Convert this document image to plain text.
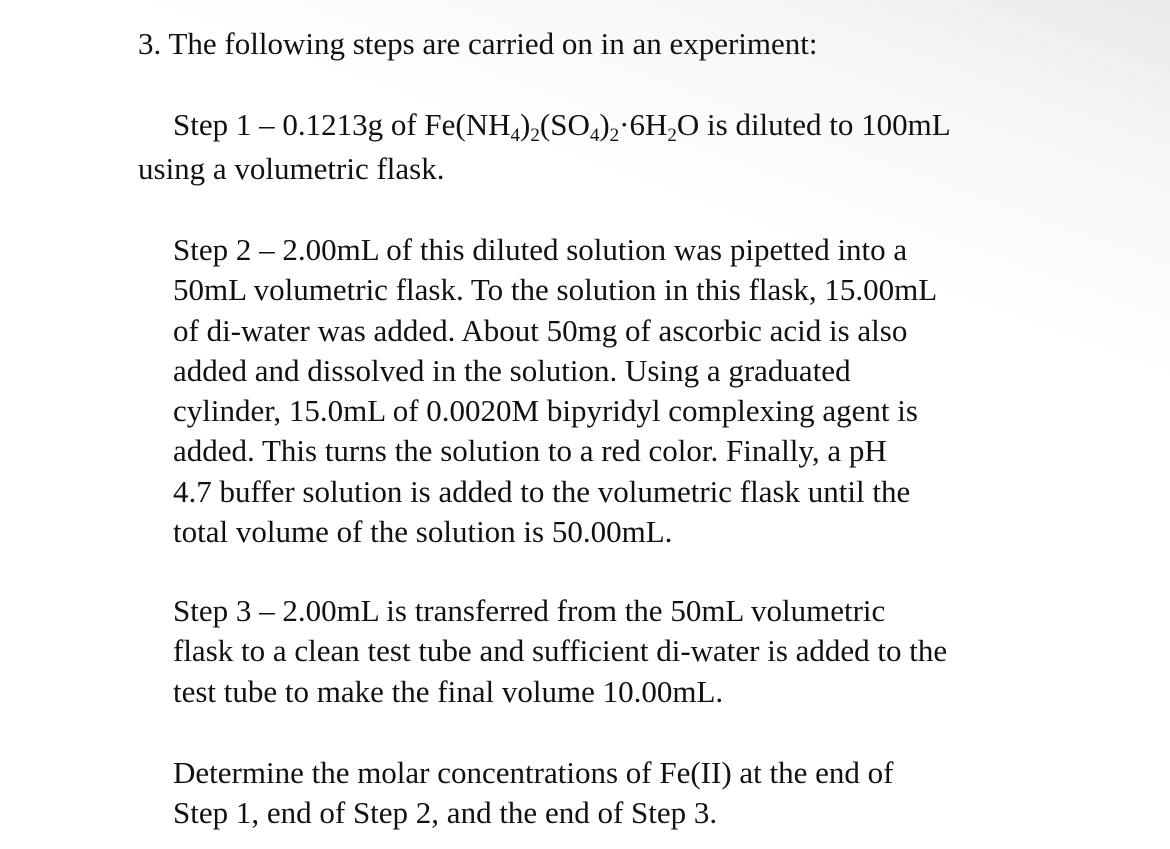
3. The following steps are carried on in an experiment:
Step 1 – 0.1213g of $Fe(NH_4)_2(SO_4)_2\cdot 6H_2O$ is diluted to 100mL
using a volumetric flask.
Step 2 – 2.00mL of this diluted solution was pipetted into a
50mL volumetric flask. To the solution in this flask, 15.00mL
of di-water was added. About 50mg of ascorbic acid is also
added and dissolved in the solution. Using a graduated
cylinder, 15.0mL of 0.0020M bipyridyl complexing agent is
added. This turns the solution to a red color. Finally, a pH
4.7 buffer solution is added to the volumetric flask until the
total volume of the solution is 50.00mL.
Step 3 – 2.00mL is transferred from the 50mL volumetric
flask to a clean test tube and sufficient di-water is added to the
test tube to make the final volume 10.00mL.
Determine the molar concentrations of Fe(II) at the end of
Step 1, end of Step 2, and the end of Step 3.
